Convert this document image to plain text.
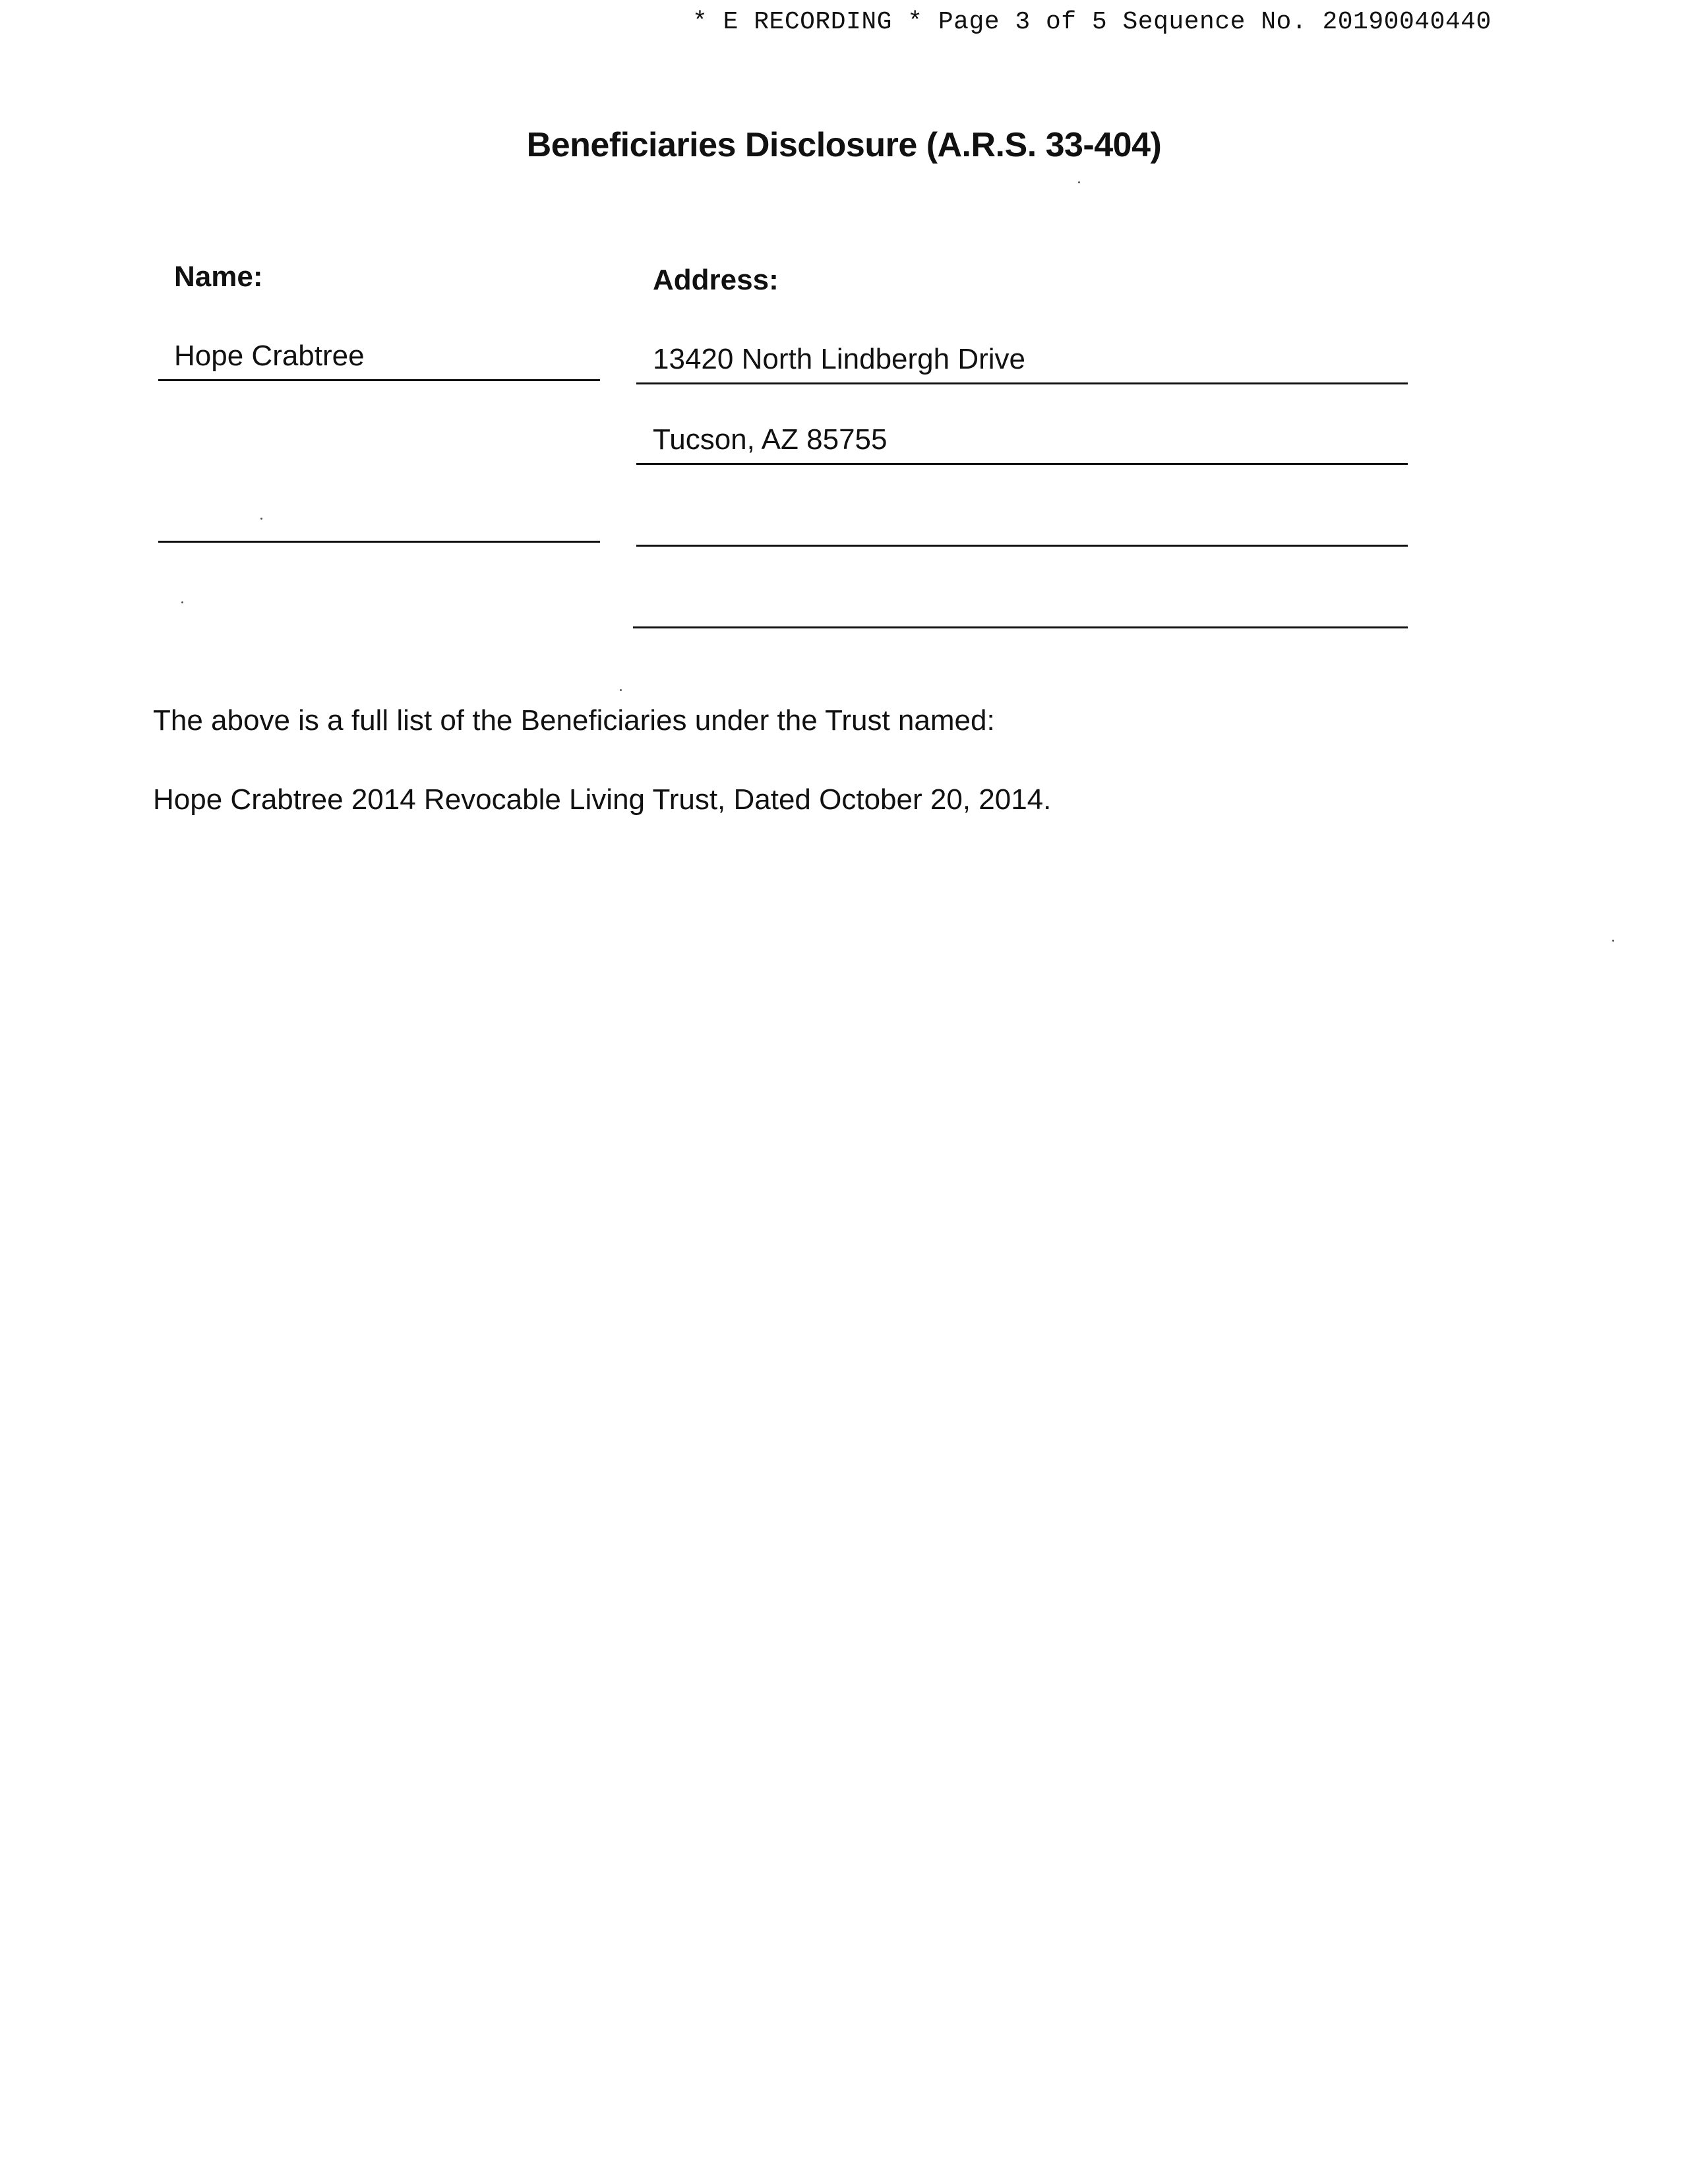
* E RECORDING * Page 3 of 5 Sequence No. 20190040440
Beneficiaries Disclosure (A.R.S. 33-404)
Name:	Address:
Hope Crabtree	13420 North Lindbergh Drive
Tucson, AZ 85755
The above is a full list of the Beneficiaries under the Trust named:
Hope Crabtree 2014 Revocable Living Trust, Dated October 20, 2014.
